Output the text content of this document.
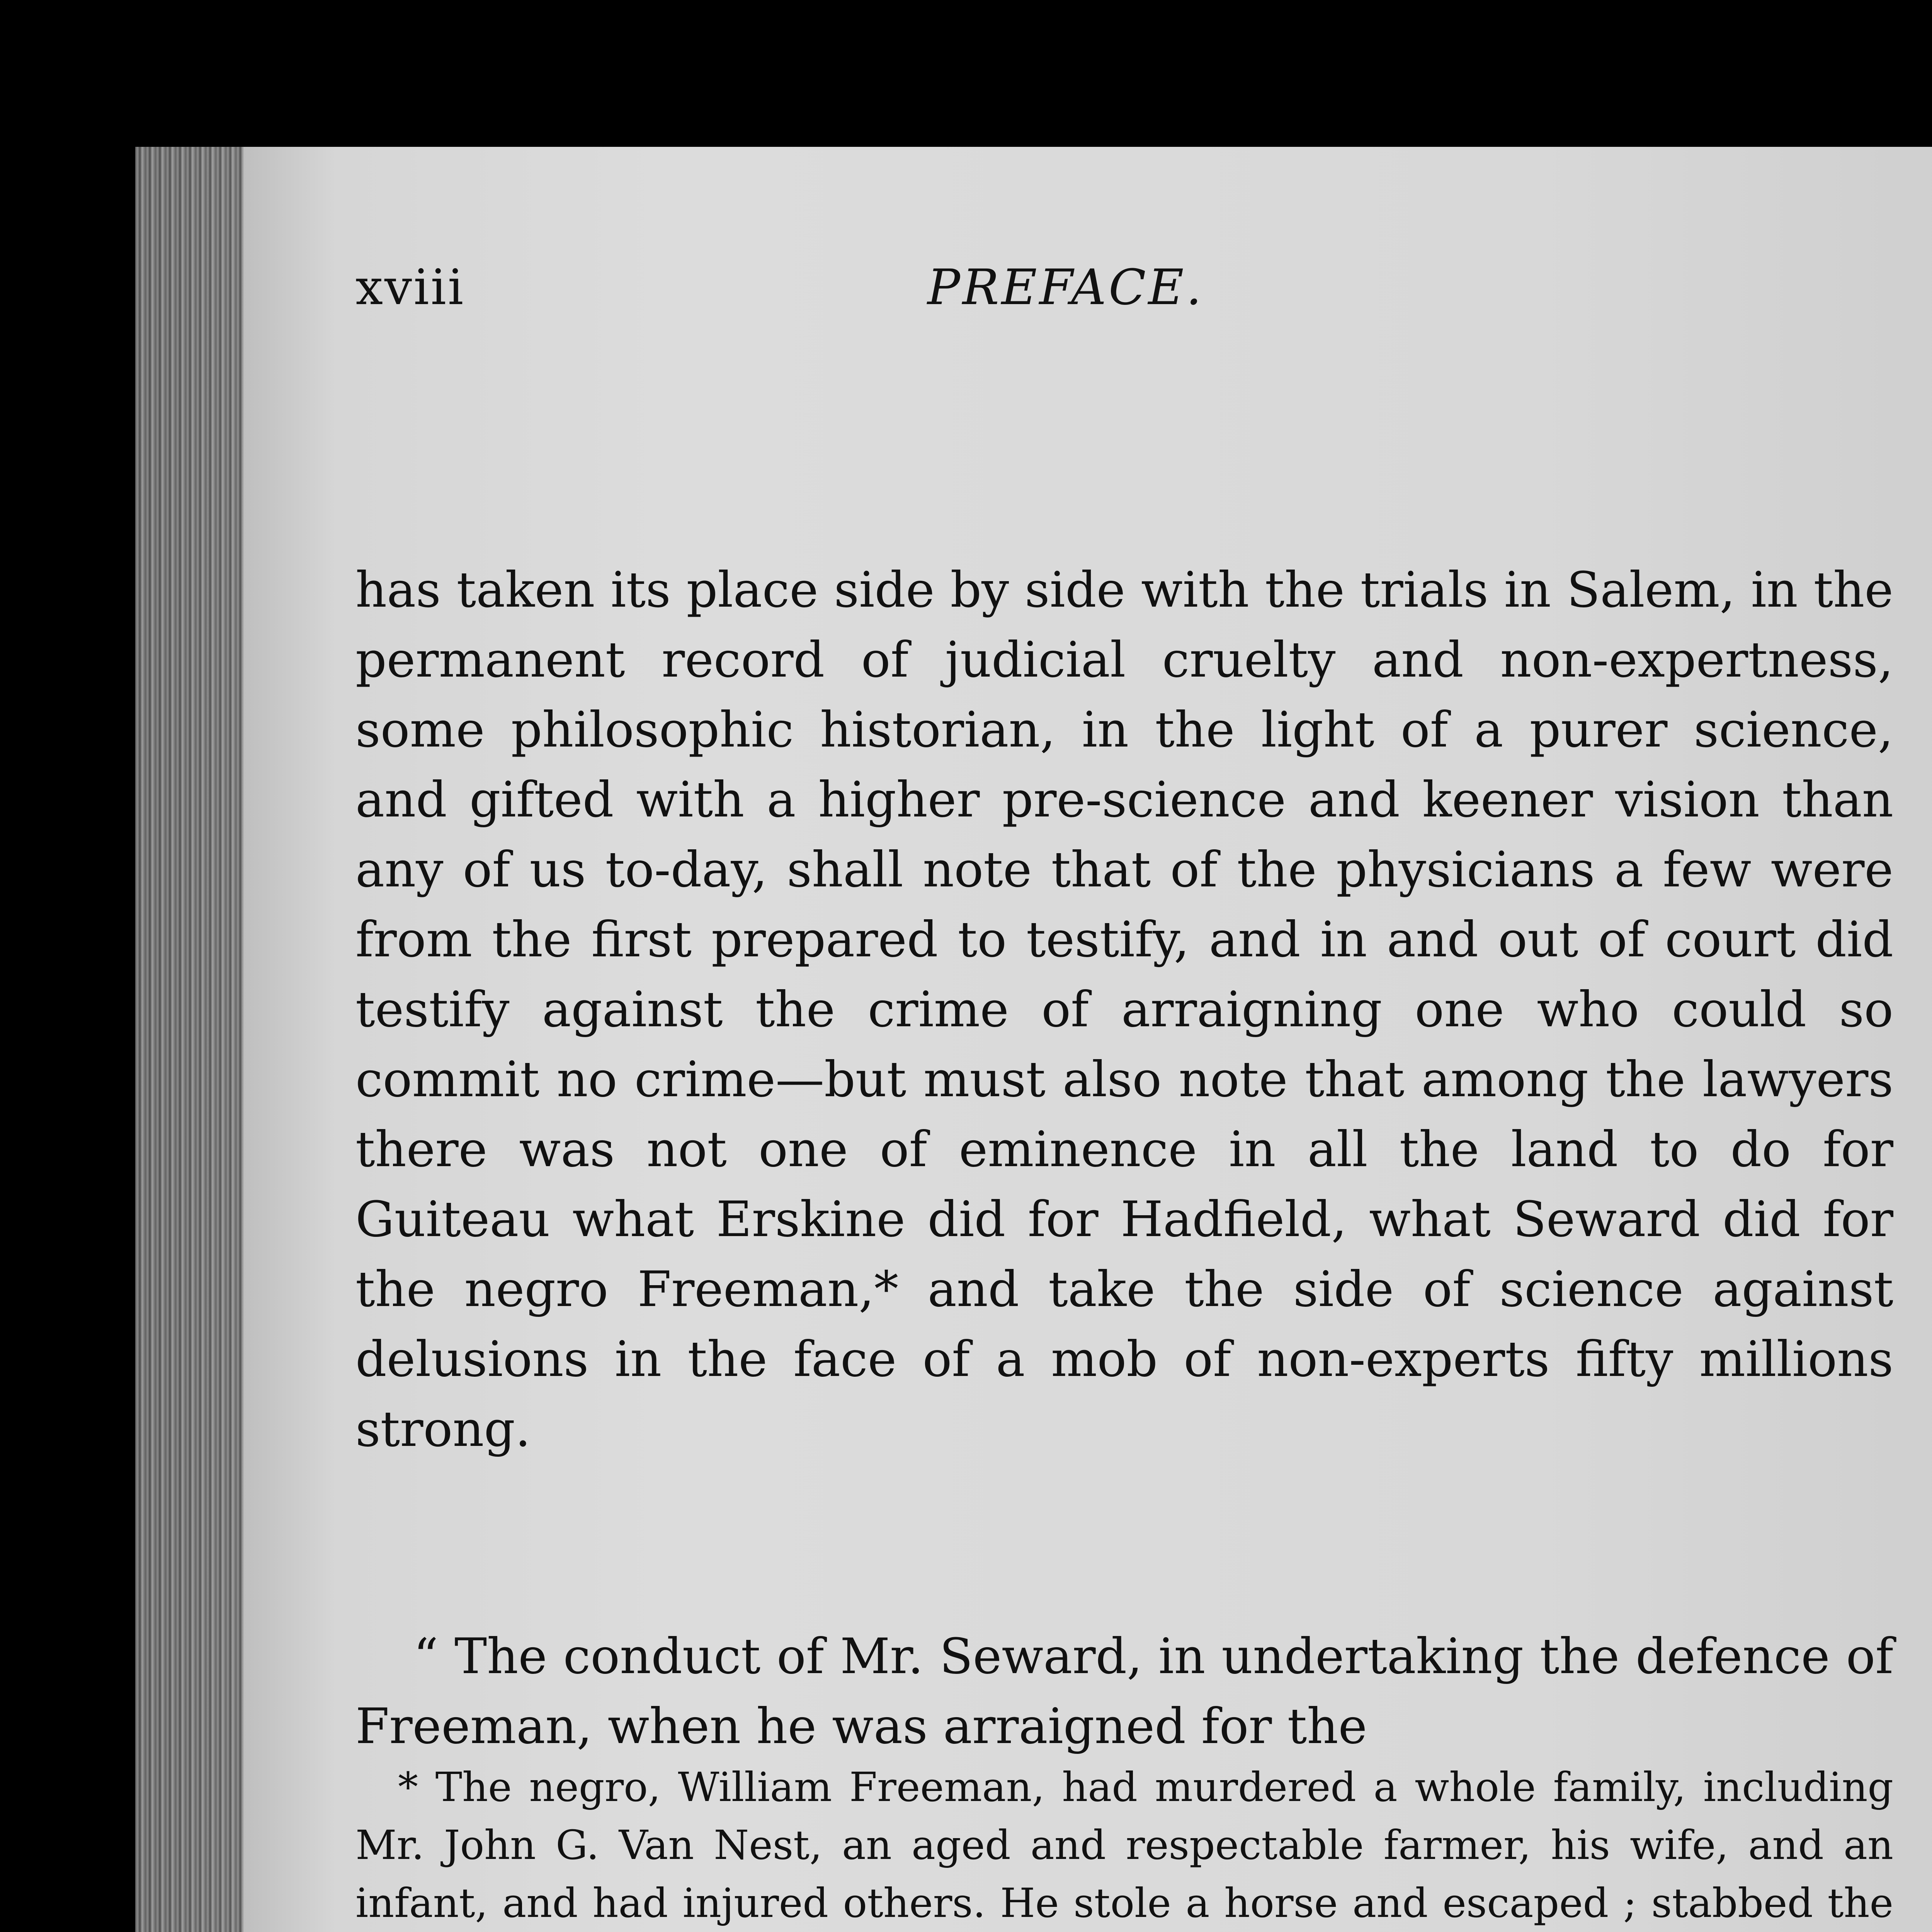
xviii	PREFACE.

has taken its place side by side with the trials in Salem, in the permanent record of judicial cruelty and non-expertness, some philosophic historian, in the light of a purer science, and gifted with a higher pre-science and keener vision than any of us to-day, shall note that of the physicians a few were from the first prepared to testify, and in and out of court did testify against the crime of arraigning one who could so commit no crime—but must also note that among the lawyers there was not one of eminence in all the land to do for Guiteau what Erskine did for Hadfield, what Seward did for the negro Freeman,* and take the side of science against delusions in the face of a mob of non-experts fifty millions strong.

“ The conduct of Mr. Seward, in undertaking the defence of Freeman, when he was arraigned for the

* The negro, William Freeman, had murdered a whole family, including Mr. John G. Van Nest, an aged and respectable farmer, his wife, and an infant, and had injured others. He stole a horse and escaped ; stabbed the
